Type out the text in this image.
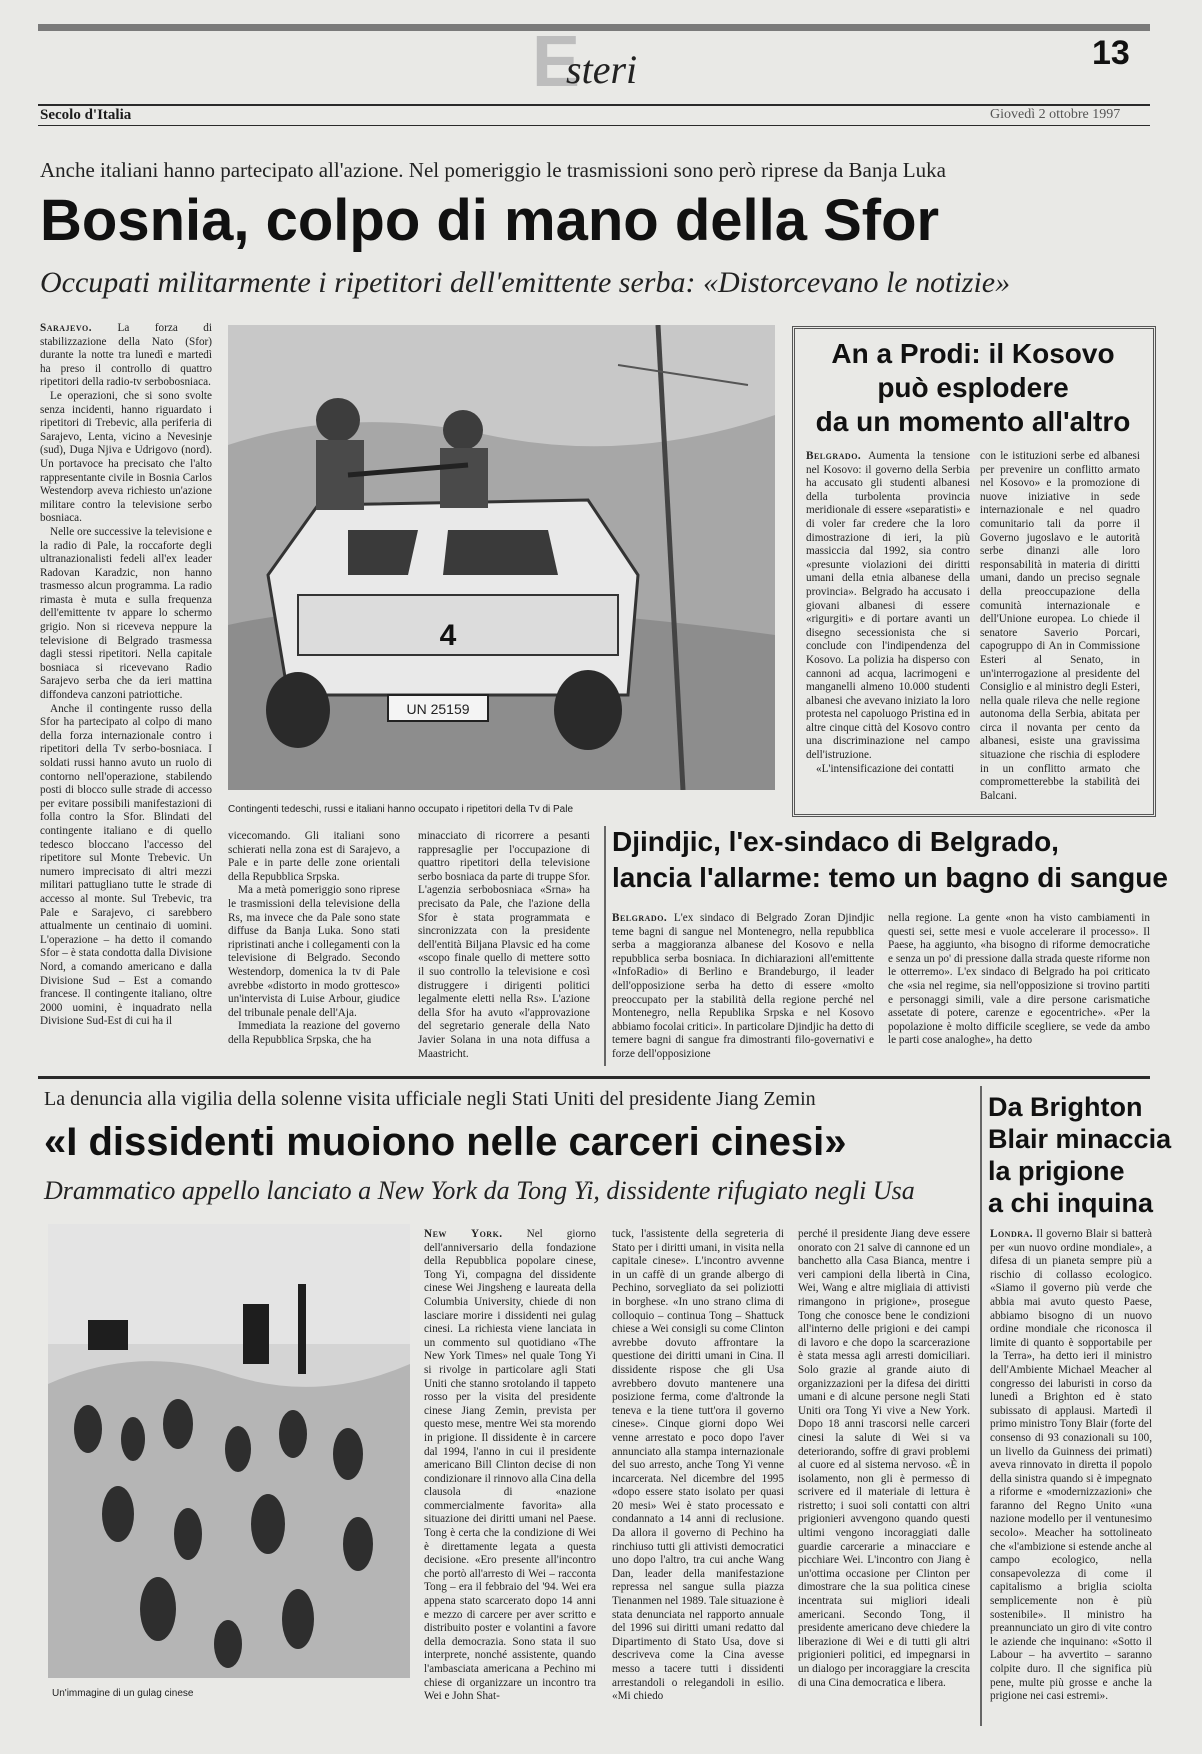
E
steri	13
Secolo d'Italia	Giovedì 2 ottobre 1997
Anche italiani hanno partecipato all'azione. Nel pomeriggio le trasmissioni sono però riprese da Banja Luka
Bosnia, colpo di mano della Sfor
Occupati militarmente i ripetitori dell'emittente serba: «Distorcevano le notizie»

Sarajevo. La forza di stabilizzazione della Nato (Sfor) durante la notte tra lunedì e martedì ha preso il controllo di quattro ripetitori della radio-tv serbobosniaca.

Le operazioni, che si sono svolte senza incidenti, hanno riguardato i ripetitori di Trebevic, alla periferia di Sarajevo, Lenta, vicino a Nevesinje (sud), Duga Njiva e Udrigovo (nord). Un portavoce ha precisato che l'alto rappresentante civile in Bosnia Carlos Westendorp aveva richiesto un'azione militare contro la televisione serbo bosniaca.

Nelle ore successive la televisione e la radio di Pale, la roccaforte degli ultranazionalisti fedeli all'ex leader Radovan Karadzic, non hanno trasmesso alcun programma. La radio rimasta è muta e sulla frequenza dell'emittente tv appare lo schermo grigio. Non si riceveva neppure la televisione di Belgrado trasmessa dagli stessi ripetitori. Nella capitale bosniaca si ricevevano Radio Sarajevo serba che da ieri mattina diffondeva canzoni patriottiche.

Anche il contingente russo della Sfor ha partecipato al colpo di mano della forza internazionale contro i ripetitori della Tv serbo-bosniaca. I soldati russi hanno avuto un ruolo di contorno nell'operazione, stabilendo posti di blocco sulle strade di accesso per evitare possibili manifestazioni di folla contro la Sfor. Blindati del contingente italiano e di quello tedesco bloccano l'accesso del ripetitore sul Monte Trebevic. Un numero imprecisato di altri mezzi militari pattugliano tutte le strade di accesso al monte. Sul Trebevic, tra Pale e Sarajevo, ci sarebbero attualmente un centinaio di uomini. L'operazione – ha detto il comando Sfor – è stata condotta dalla Divisione Nord, a comando americano e dalla Divisione Sud – Est a comando francese. Il contingente italiano, oltre 2000 uomini, è inquadrato nella Divisione Sud-Est di cui ha il

UN 25159
4
Contingenti tedeschi, russi e italiani hanno occupato i ripetitori della Tv di Pale

vicecomando. Gli italiani sono schierati nella zona est di Sarajevo, a Pale e in parte delle zone orientali della Repubblica Srpska.

Ma a metà pomeriggio sono riprese le trasmissioni della televisione della Rs, ma invece che da Pale sono state diffuse da Banja Luka. Sono stati ripristinati anche i collegamenti con la televisione di Belgrado. Secondo Westendorp, domenica la tv di Pale avrebbe «distorto in modo grottesco» un'intervista di Luise Arbour, giudice del tribunale penale dell'Aja.

Immediata la reazione del governo della Repubblica Srpska, che ha

minacciato di ricorrere a pesanti rappresaglie per l'occupazione di quattro ripetitori della televisione serbo bosniaca da parte di truppe Sfor. L'agenzia serbobosniaca «Srna» ha precisato da Pale, che l'azione della Sfor è stata programmata e sincronizzata con la presidente dell'entità Biljana Plavsic ed ha come «scopo finale quello di mettere sotto il suo controllo la televisione e così distruggere i dirigenti politici legalmente eletti nella Rs». L'azione della Sfor ha avuto «l'approvazione del segretario generale della Nato Javier Solana in una nota diffusa a Maastricht.

An a Prodi: il Kosovo
può esplodere
da un momento all'altro

Belgrado. Aumenta la tensione nel Kosovo: il governo della Serbia ha accusato gli studenti albanesi della turbolenta provincia meridionale di essere «separatisti» e di voler far credere che la loro dimostrazione di ieri, la più massiccia dal 1992, sia contro «presunte violazioni dei diritti umani della etnia albanese della provincia». Belgrado ha accusato i giovani albanesi di essere «rigurgiti» e di portare avanti un disegno secessionista che si conclude con l'indipendenza del Kosovo. La polizia ha disperso con cannoni ad acqua, lacrimogeni e manganelli almeno 10.000 studenti albanesi che avevano iniziato la loro protesta nel capoluogo Pristina ed in altre cinque città del Kosovo contro una discriminazione nel campo dell'istruzione.

«L'intensificazione dei contatti

con le istituzioni serbe ed albanesi per prevenire un conflitto armato nel Kosovo» e la promozione di nuove iniziative in sede internazionale e nel quadro comunitario tali da porre il Governo jugoslavo e le autorità serbe dinanzi alle loro responsabilità in materia di diritti umani, dando un preciso segnale della preoccupazione della comunità internazionale e dell'Unione europea. Lo chiede il senatore Saverio Porcari, capogruppo di An in Commissione Esteri al Senato, in un'interrogazione al presidente del Consiglio e al ministro degli Esteri, nella quale rileva che nelle regione autonoma della Serbia, abitata per circa il novanta per cento da albanesi, esiste una gravissima situazione che rischia di esplodere in un conflitto armato che comprometterebbe la stabilità dei Balcani.

Djindjic, l'ex-sindaco di Belgrado,
lancia l'allarme: temo un bagno di sangue

Belgrado. L'ex sindaco di Belgrado Zoran Djindjic teme bagni di sangue nel Montenegro, nella repubblica serba a maggioranza albanese del Kosovo e nella repubblica serba bosniaca. In dichiarazioni all'emittente «InfoRadio» di Berlino e Brandeburgo, il leader dell'opposizione serba ha detto di essere «molto preoccupato per la stabilità della regione perché nel Montenegro, nella Republika Srpska e nel Kosovo abbiamo focolai critici». In particolare Djindjic ha detto di temere bagni di sangue fra dimostranti filo-governativi e forze dell'opposizione

nella regione. La gente «non ha visto cambiamenti in questi sei, sette mesi e vuole accelerare il processo». Il Paese, ha aggiunto, «ha bisogno di riforme democratiche e senza un po' di pressione dalla strada queste riforme non le otterremo». L'ex sindaco di Belgrado ha poi criticato che «sia nel regime, sia nell'opposizione si trovino partiti e personaggi simili, vale a dire persone carismatiche assetate di potere, carenze e egocentriche». «Per la popolazione è molto difficile scegliere, se vede da ambo le parti cose analoghe», ha detto

La denuncia alla vigilia della solenne visita ufficiale negli Stati Uniti del presidente Jiang Zemin
«I dissidenti muoiono nelle carceri cinesi»
Drammatico appello lanciato a New York da Tong Yi, dissidente rifugiato negli Usa
Un'immagine di un gulag cinese

New York. Nel giorno dell'anniversario della fondazione della Repubblica popolare cinese, Tong Yi, compagna del dissidente cinese Wei Jingsheng e laureata della Columbia University, chiede di non lasciare morire i dissidenti nei gulag cinesi. La richiesta viene lanciata in un commento sul quotidiano «The New York Times» nel quale Tong Yi si rivolge in particolare agli Stati Uniti che stanno srotolando il tappeto rosso per la visita del presidente cinese Jiang Zemin, prevista per questo mese, mentre Wei sta morendo in prigione. Il dissidente è in carcere dal 1994, l'anno in cui il presidente americano Bill Clinton decise di non condizionare il rinnovo alla Cina della clausola di «nazione commercialmente favorita» alla situazione dei diritti umani nel Paese. Tong è certa che la condizione di Wei è direttamente legata a questa decisione. «Ero presente all'incontro che portò all'arresto di Wei – racconta Tong – era il febbraio del '94. Wei era appena stato scarcerato dopo 14 anni e mezzo di carcere per aver scritto e distribuito poster e volantini a favore della democrazia. Sono stata il suo interprete, nonché assistente, quando l'ambasciata americana a Pechino mi chiese di organizzare un incontro tra Wei e John Shat-

tuck, l'assistente della segreteria di Stato per i diritti umani, in visita nella capitale cinese». L'incontro avvenne in un caffè di un grande albergo di Pechino, sorvegliato da sei poliziotti in borghese. «In uno strano clima di colloquio – continua Tong – Shattuck chiese a Wei consigli su come Clinton avrebbe dovuto affrontare la questione dei diritti umani in Cina. Il dissidente rispose che gli Usa avrebbero dovuto mantenere una posizione ferma, come d'altronde la teneva e la tiene tutt'ora il governo cinese». Cinque giorni dopo Wei venne arrestato e poco dopo l'aver annunciato alla stampa internazionale del suo arresto, anche Tong Yi venne incarcerata. Nel dicembre del 1995 «dopo essere stato isolato per quasi 20 mesi» Wei è stato processato e condannato a 14 anni di reclusione. Da allora il governo di Pechino ha rinchiuso tutti gli attivisti democratici uno dopo l'altro, tra cui anche Wang Dan, leader della manifestazione repressa nel sangue sulla piazza Tienanmen nel 1989. Tale situazione è stata denunciata nel rapporto annuale del 1996 sui diritti umani redatto dal Dipartimento di Stato Usa, dove si descriveva come la Cina avesse messo a tacere tutti i dissidenti arrestandoli o relegandoli in esilio. «Mi chiedo

perché il presidente Jiang deve essere onorato con 21 salve di cannone ed un banchetto alla Casa Bianca, mentre i veri campioni della libertà in Cina, Wei, Wang e altre migliaia di attivisti rimangono in prigione», prosegue Tong che conosce bene le condizioni all'interno delle prigioni e dei campi di lavoro e che dopo la scarcerazione è stata messa agli arresti domiciliari. Solo grazie al grande aiuto di organizzazioni per la difesa dei diritti umani e di alcune persone negli Stati Uniti ora Tong Yi vive a New York. Dopo 18 anni trascorsi nelle carceri cinesi la salute di Wei si va deteriorando, soffre di gravi problemi al cuore ed al sistema nervoso. «È in isolamento, non gli è permesso di scrivere ed il materiale di lettura è ristretto; i suoi soli contatti con altri prigionieri avvengono quando questi ultimi vengono incoraggiati dalle guardie carcerarie a minacciare e picchiare Wei. L'incontro con Jiang è un'ottima occasione per Clinton per dimostrare che la sua politica cinese incentrata sui migliori ideali americani. Secondo Tong, il presidente americano deve chiedere la liberazione di Wei e di tutti gli altri prigionieri politici, ed impegnarsi in un dialogo per incoraggiare la crescita di una Cina democratica e libera.

Da Brighton
Blair minaccia
la prigione
a chi inquina

Londra. Il governo Blair si batterà per «un nuovo ordine mondiale», a difesa di un pianeta sempre più a rischio di collasso ecologico. «Siamo il governo più verde che abbia mai avuto questo Paese, abbiamo bisogno di un nuovo ordine mondiale che riconosca il limite di quanto è sopportabile per la Terra», ha detto ieri il ministro dell'Ambiente Michael Meacher al congresso dei laburisti in corso da lunedì a Brighton ed è stato subissato di applausi. Martedì il primo ministro Tony Blair (forte del consenso di 93 conazionali su 100, un livello da Guinness dei primati) aveva rinnovato in diretta il popolo della sinistra quando si è impegnato a riforme e «modernizzazioni» che faranno del Regno Unito «una nazione modello per il ventunesimo secolo». Meacher ha sottolineato che «l'ambizione si estende anche al campo ecologico, nella consapevolezza di come il capitalismo a briglia sciolta semplicemente non è più sostenibile». Il ministro ha preannunciato un giro di vite contro le aziende che inquinano: «Sotto il Labour – ha avvertito – saranno colpite duro. Il che significa più pene, multe più grosse e anche la prigione nei casi estremi».
